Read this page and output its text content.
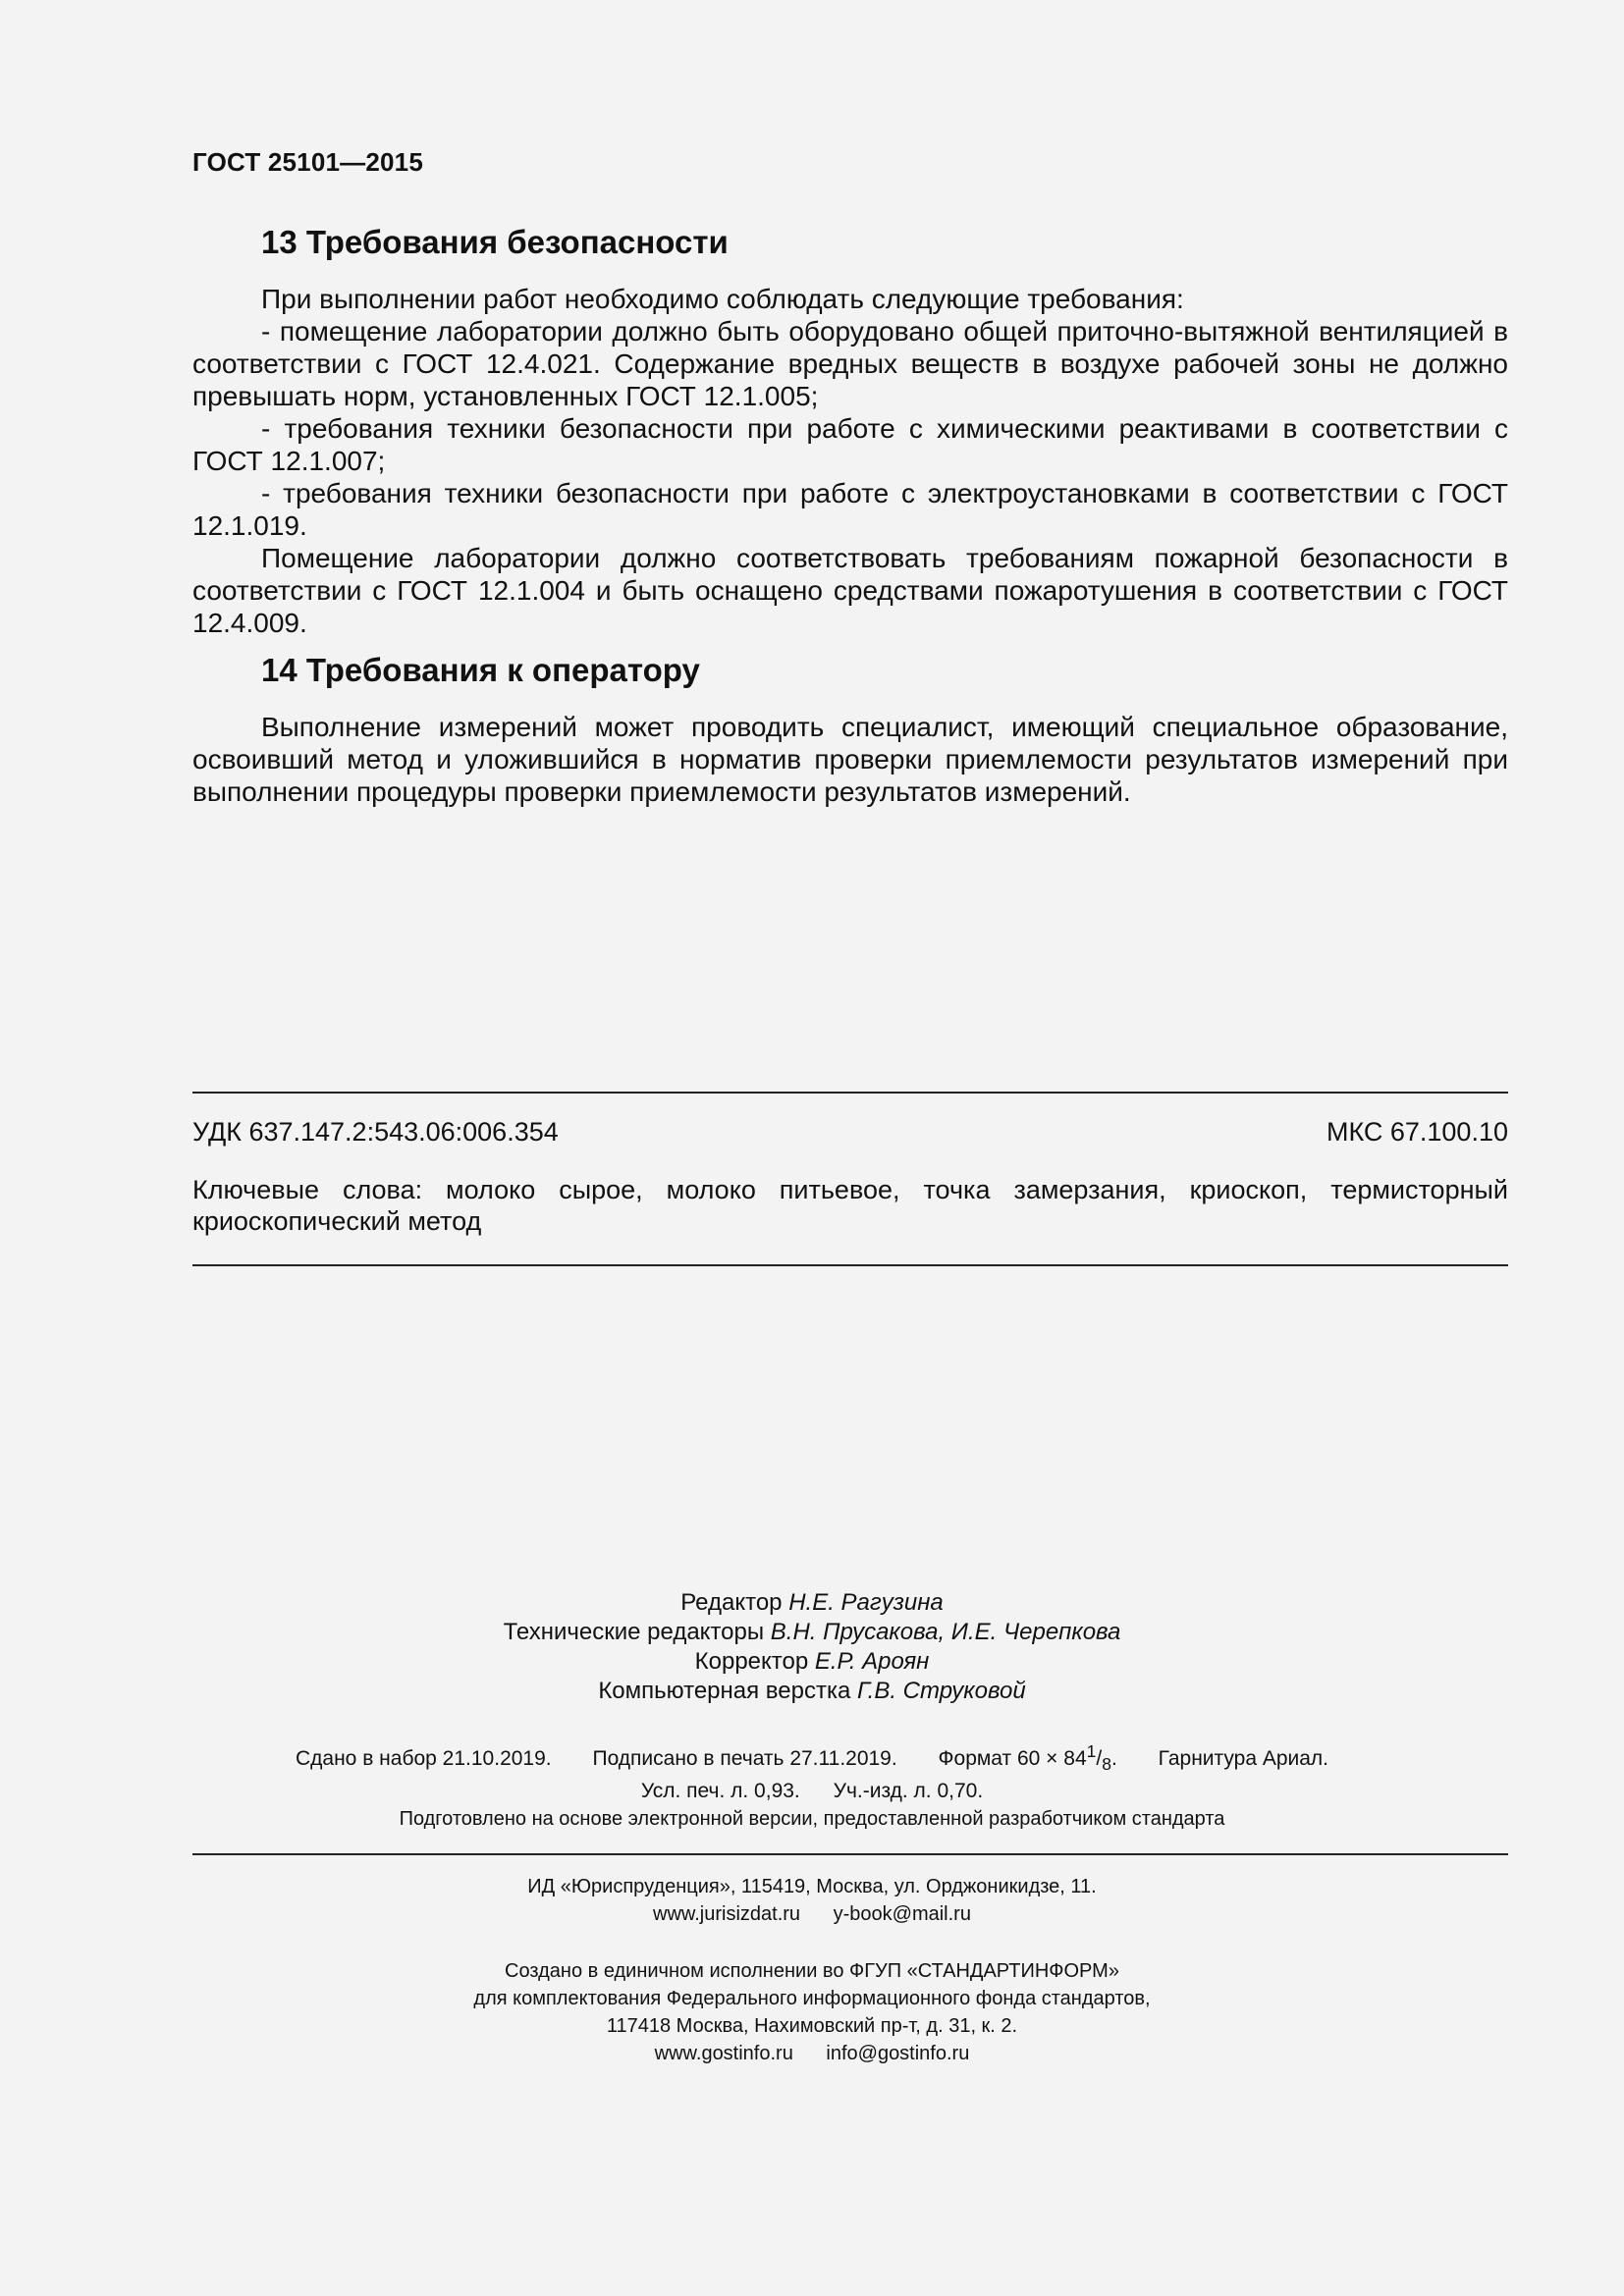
ГОСТ 25101—2015
13 Требования безопасности

При выполнении работ необходимо соблюдать следующие требования:

- помещение лаборатории должно быть оборудовано общей приточно-вытяжной вентиляцией в соответствии с ГОСТ 12.4.021. Содержание вредных веществ в воздухе рабочей зоны не должно превышать норм, установленных ГОСТ 12.1.005;

- требования техники безопасности при работе с химическими реактивами в соответствии с ГОСТ 12.1.007;

- требования техники безопасности при работе с электроустановками в соответствии с ГОСТ 12.1.019.

Помещение лаборатории должно соответствовать требованиям пожарной безопасности в соответствии с ГОСТ 12.1.004 и быть оснащено средствами пожаротушения в соответствии с ГОСТ 12.4.009.

14 Требования к оператору

Выполнение измерений может проводить специалист, имеющий специальное образование, освоивший метод и уложившийся в норматив проверки приемлемости результатов измерений при выполнении процедуры проверки приемлемости результатов измерений.

УДК 637.147.2:543.06:006.354	МКС 67.100.10

Ключевые слова: молоко сырое, молоко питьевое, точка замерзания, криоскоп, термисторный криоскопический метод

Редактор Н.Е. Рагузина
Технические редакторы В.Н. Прусакова, И.Е. Черепкова
Корректор Е.Р. Ароян
Компьютерная верстка Г.В. Струковой
Сдано в набор 21.10.2019. Подписано в печать 27.11.2019. Формат $60 \times 84^1/_8$. Гарнитура Ариал.
Усл. печ. л. 0,93. Уч.-изд. л. 0,70.
Подготовлено на основе электронной версии, предоставленной разработчиком стандарта
ИД «Юриспруденция», 115419, Москва, ул. Орджоникидзе, 11.
www.jurisizdat.ru y-book@mail.ru
Создано в единичном исполнении во ФГУП «СТАНДАРТИНФОРМ»
для комплектования Федерального информационного фонда стандартов,
117418 Москва, Нахимовский пр-т, д. 31, к. 2.
www.gostinfo.ru info@gostinfo.ru
